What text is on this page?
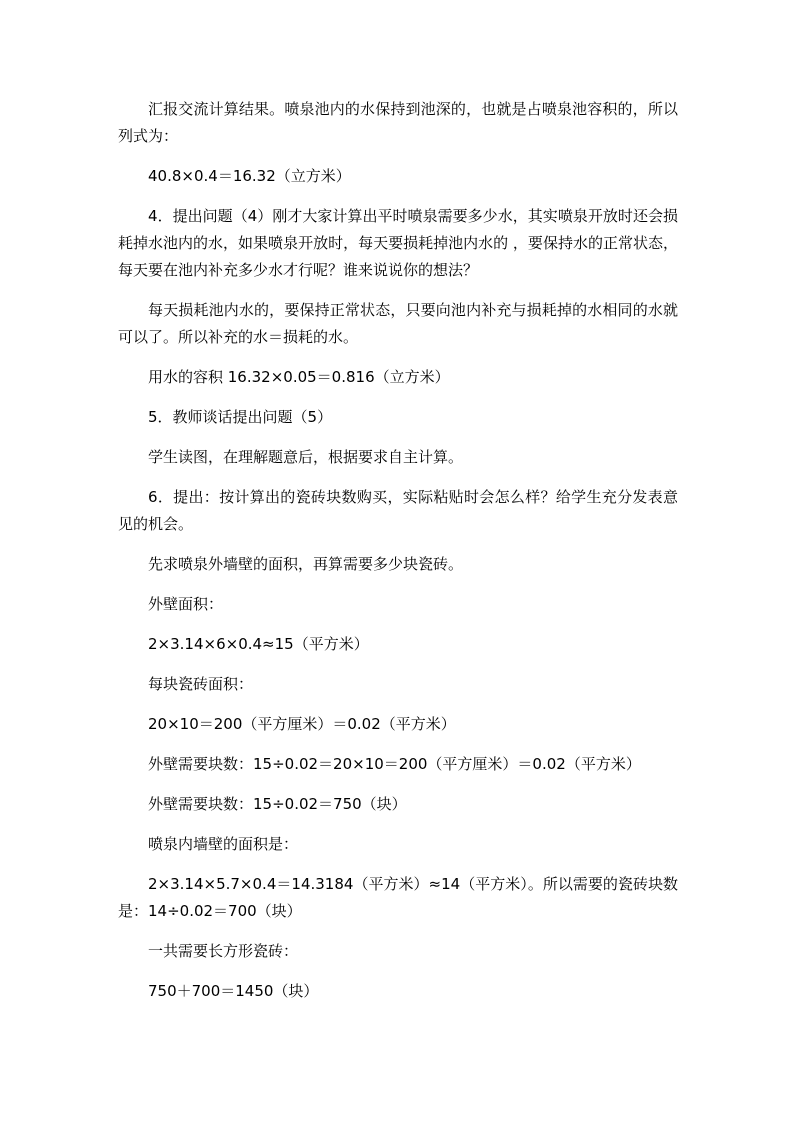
汇报交流计算结果。喷泉池内的水保持到池深的，也就是占喷泉池容积的，所以列式为：

40.8×0.4＝16.32（立方米）

4．提出问题（4）刚才大家计算出平时喷泉需要多少水，其实喷泉开放时还会损耗掉水池内的水，如果喷泉开放时，每天要损耗掉池内水的 ，要保持水的正常状态，每天要在池内补充多少水才行呢？谁来说说你的想法？

每天损耗池内水的，要保持正常状态，只要向池内补充与损耗掉的水相同的水就可以了。所以补充的水＝损耗的水。

用水的容积 16.32×0.05＝0.816（立方米）

5．教师谈话提出问题（5）

学生读图，在理解题意后，根据要求自主计算。

6．提出：按计算出的瓷砖块数购买，实际粘贴时会怎么样？给学生充分发表意见的机会。

先求喷泉外墙壁的面积，再算需要多少块瓷砖。

外壁面积：

2×3.14×6×0.4≈15（平方米）

每块瓷砖面积：

20×10＝200（平方厘米）＝0.02（平方米）

外壁需要块数：15÷0.02＝20×10＝200（平方厘米）＝0.02（平方米）

外壁需要块数：15÷0.02＝750（块）

喷泉内墙壁的面积是：

2×3.14×5.7×0.4＝14.3184（平方米）≈14（平方米）。所以需要的瓷砖块数是：14÷0.02＝700（块）

一共需要长方形瓷砖：

750＋700＝1450（块）
